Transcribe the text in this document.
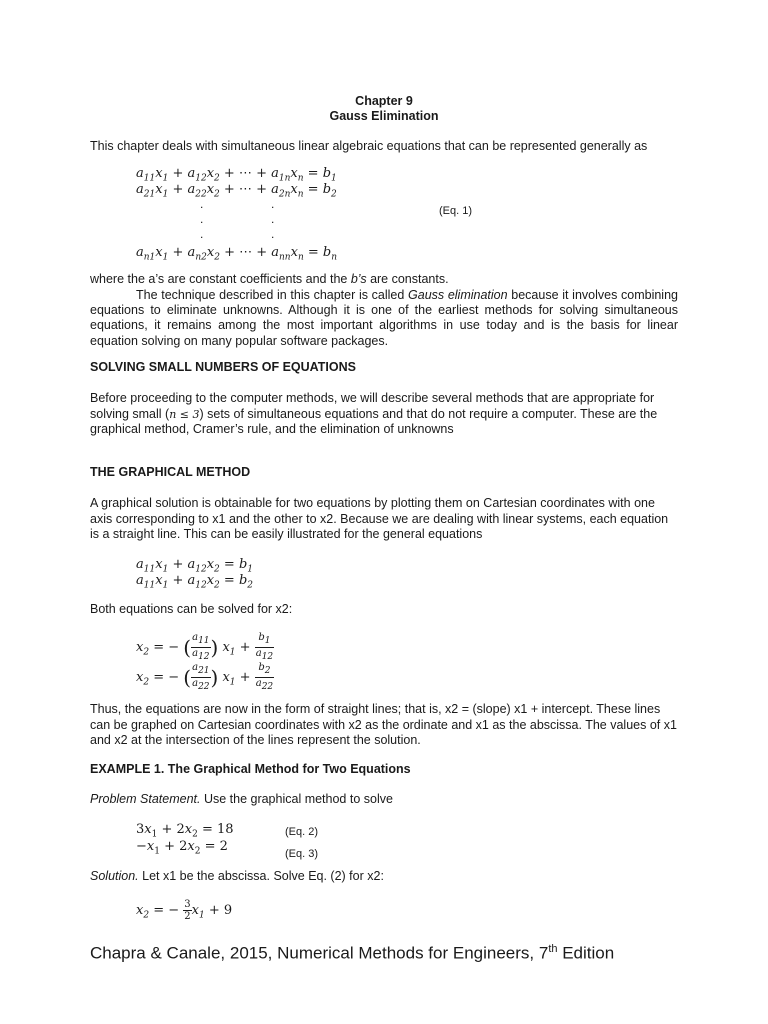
Chapter 9
Gauss Elimination
This chapter deals with simultaneous linear algebraic equations that can be represented generally as
$a_{11}x_1 + a_{12}x_2$ + ⋯ + $a_{1n}x_n = b_1$
$a_{21}x_1 + a_{22}x_2$ + ⋯ + $a_{2n}x_n = b_2$
.	.
.	.
.	.
$a_{n1}x_1 + a_{n2}x_2$ + ⋯ + $a_{nn}x_n = b_n$
(Eq. 1)
where the a’s are constant coefficients and the b’s are constants.
The technique described in this chapter is called Gauss elimination because it involves combining equations to eliminate unknowns. Although it is one of the earliest methods for solving simultaneous equations, it remains among the most important algorithms in use today and is the basis for linear equation solving on many popular software packages.
SOLVING SMALL NUMBERS OF EQUATIONS
Before proceeding to the computer methods, we will describe several methods that are appropriate for solving small (n ≤ 3) sets of simultaneous equations and that do not require a computer. These are the graphical method, Cramer’s rule, and the elimination of unknowns
THE GRAPHICAL METHOD
A graphical solution is obtainable for two equations by plotting them on Cartesian coordinates with one axis corresponding to x1 and the other to x2. Because we are dealing with linear systems, each equation is a straight line. This can be easily illustrated for the general equations
$a_{11}x_1 + a_{12}x_2 = b_1$
$a_{11}x_1 + a_{12}x_2 = b_2$
Both equations can be solved for x2:
$x_2$ = − ( $\frac{a_{11}}{a_{12}}$ ) $x_1 + \frac{b_1}{a_{12}}$
$x_2$ = − ( $\frac{a_{21}}{a_{22}}$ ) $x_1 + \frac{b_2}{a_{22}}$
Thus, the equations are now in the form of straight lines; that is, x2 = (slope) x1 + intercept. These lines can be graphed on Cartesian coordinates with x2 as the ordinate and x1 as the abscissa. The values of x1 and x2 at the intersection of the lines represent the solution.
EXAMPLE 1. The Graphical Method for Two Equations
Problem Statement. Use the graphical method to solve
$3x_1 + 2x_2 = 18$
$-x_1 + 2x_2 = 2$
(Eq. 2)
(Eq. 3)
Solution. Let x1 be the abscissa. Solve Eq. (2) for x2:
$x_2$ = − $\frac{3}{2} x_1 + 9$
Chapra & Canale, 2015, Numerical Methods for Engineers, 7th Edition
